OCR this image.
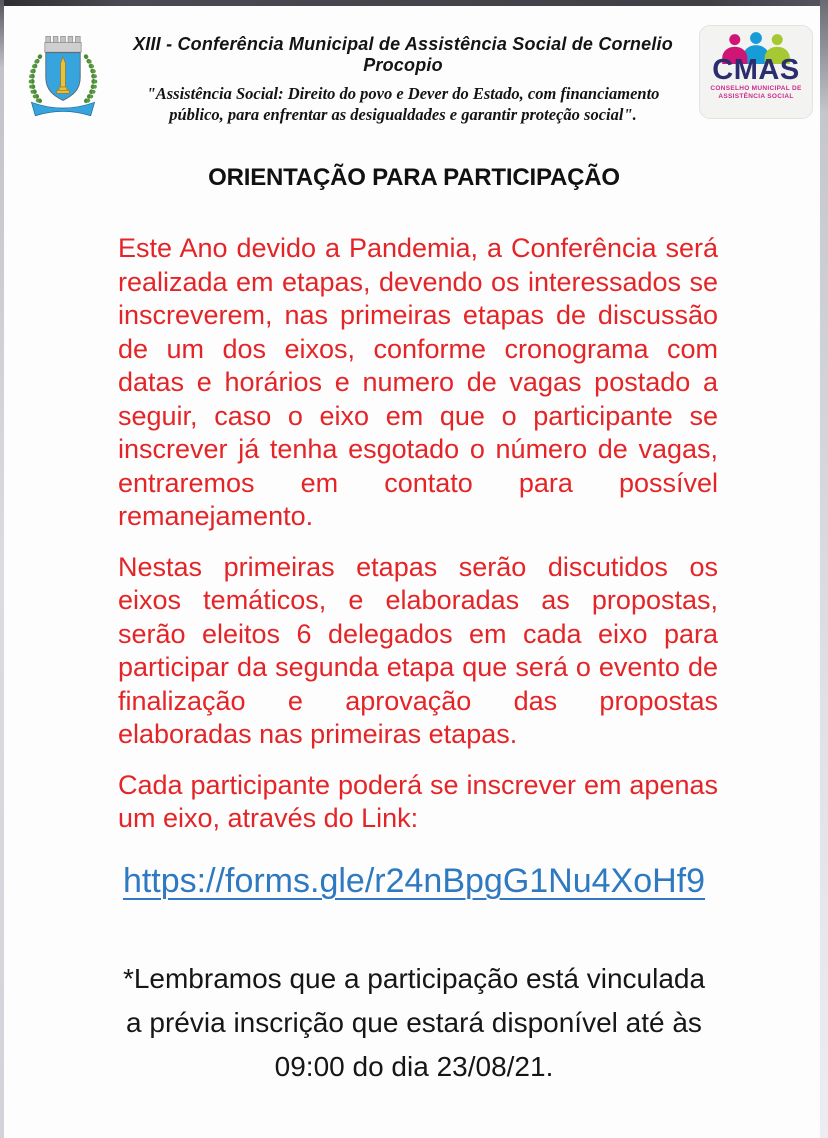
XIII - Conferência Municipal de Assistência Social de Cornelio Procopio
"Assistência Social: Direito do povo e Dever do Estado, com financiamento público, para enfrentar as desigualdades e garantir proteção social".
CMAS
CONSELHO MUNICIPAL DE
ASSISTÊNCIA SOCIAL
ORIENTAÇÃO PARA PARTICIPAÇÃO

Este Ano devido a Pandemia, a Conferência será realizada em etapas, devendo os interessados se inscreverem, nas primeiras etapas de discussão de um dos eixos, conforme cronograma com datas e horários e numero de vagas postado a seguir, caso o eixo em que o participante se inscrever já tenha esgotado o número de vagas, entraremos em contato para possível remanejamento.

Nestas primeiras etapas serão discutidos os eixos temáticos, e elaboradas as propostas, serão eleitos 6 delegados em cada eixo para participar da segunda etapa que será o evento de finalização e aprovação das propostas elaboradas nas primeiras etapas.

Cada participante poderá se inscrever em apenas um eixo, através do Link:

https://forms.gle/r24nBpgG1Nu4XoHf9
*Lembramos que a participação está vinculada
a prévia inscrição que estará disponível até às
09:00 do dia 23/08/21.
